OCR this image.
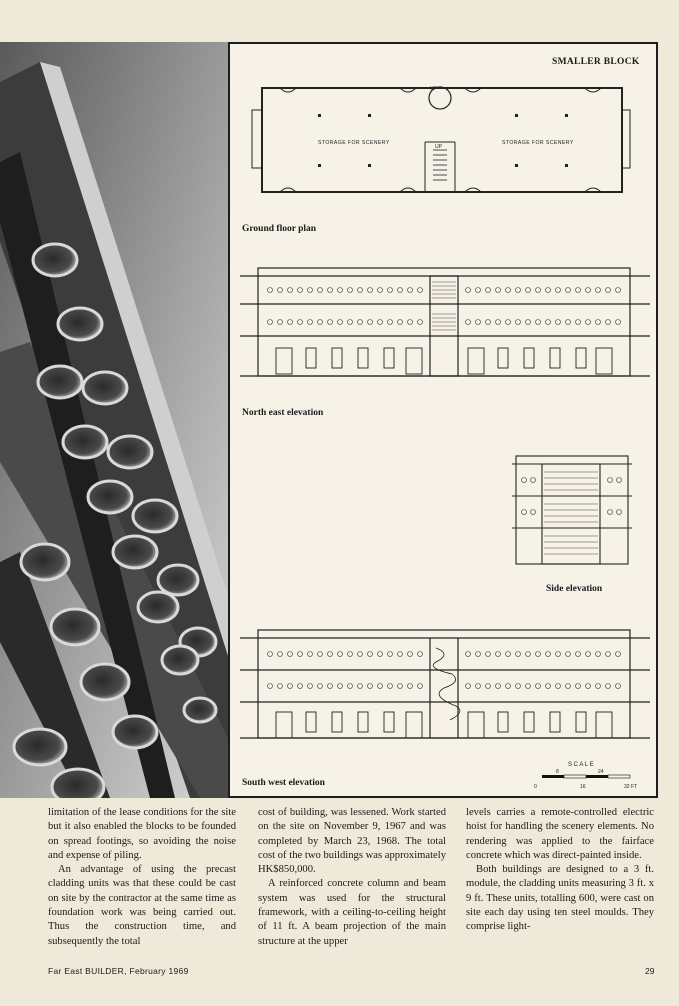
SMALLER BLOCK
UP
UP
STORAGE FOR SCENERY	STORAGE FOR SCENERY
Ground floor plan
North east elevation
Side elevation
South west elevation
SCALE
8	24
0	16	32 FT

limitation of the lease conditions for the site but it also enabled the blocks to be founded on spread footings, so avoiding the noise and expense of piling.

An advantage of using the precast cladding units was that these could be cast on site by the contractor at the same time as foundation work was being carried out. Thus the construction time, and subsequently the total

cost of building, was lessened. Work started on the site on November 9, 1967 and was completed by March 23, 1968. The total cost of the two buildings was approximately HK$850,000.

A reinforced concrete column and beam system was used for the structural framework, with a ceiling-to-ceiling height of 11 ft. A beam projection of the main structure at the upper

levels carries a remote-controlled electric hoist for handling the scenery elements. No rendering was applied to the fairface concrete which was direct-painted inside.

Both buildings are designed to a 3 ft. module, the cladding units measuring 3 ft. x 9 ft. These units, totalling 600, were cast on site each day using ten steel moulds. They comprise light-

Far East BUILDER, February 1969	29
